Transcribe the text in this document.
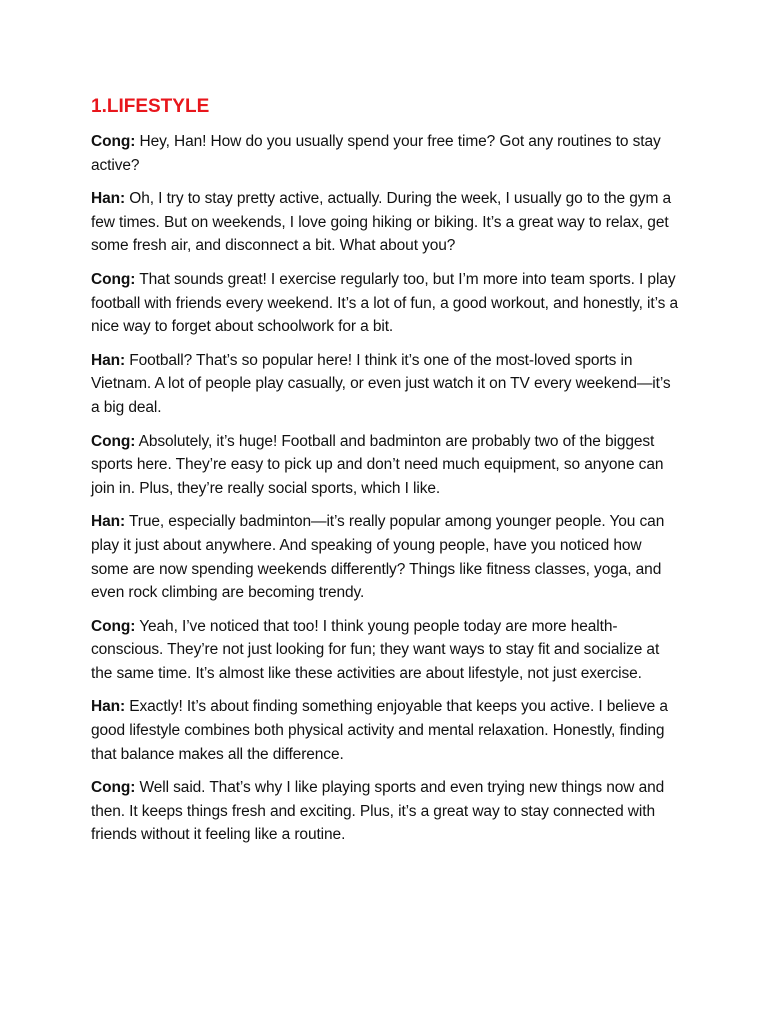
1.LIFESTYLE

Cong: Hey, Han! How do you usually spend your free time? Got any routines to stay active?

Han: Oh, I try to stay pretty active, actually. During the week, I usually go to the gym a few times. But on weekends, I love going hiking or biking. It’s a great way to relax, get some fresh air, and disconnect a bit. What about you?

Cong: That sounds great! I exercise regularly too, but I’m more into team sports. I play football with friends every weekend. It’s a lot of fun, a good workout, and honestly, it’s a nice way to forget about schoolwork for a bit.

Han: Football? That’s so popular here! I think it’s one of the most-loved sports in Vietnam. A lot of people play casually, or even just watch it on TV every weekend—it’s a big deal.

Cong: Absolutely, it’s huge! Football and badminton are probably two of the biggest sports here. They’re easy to pick up and don’t need much equipment, so anyone can join in. Plus, they’re really social sports, which I like.

Han: True, especially badminton—it’s really popular among younger people. You can play it just about anywhere. And speaking of young people, have you noticed how some are now spending weekends differently? Things like fitness classes, yoga, and even rock climbing are becoming trendy.

Cong: Yeah, I’ve noticed that too! I think young people today are more health-conscious. They’re not just looking for fun; they want ways to stay fit and socialize at the same time. It’s almost like these activities are about lifestyle, not just exercise.

Han: Exactly! It’s about finding something enjoyable that keeps you active. I believe a good lifestyle combines both physical activity and mental relaxation. Honestly, finding that balance makes all the difference.

Cong: Well said. That’s why I like playing sports and even trying new things now and then. It keeps things fresh and exciting. Plus, it’s a great way to stay connected with friends without it feeling like a routine.
